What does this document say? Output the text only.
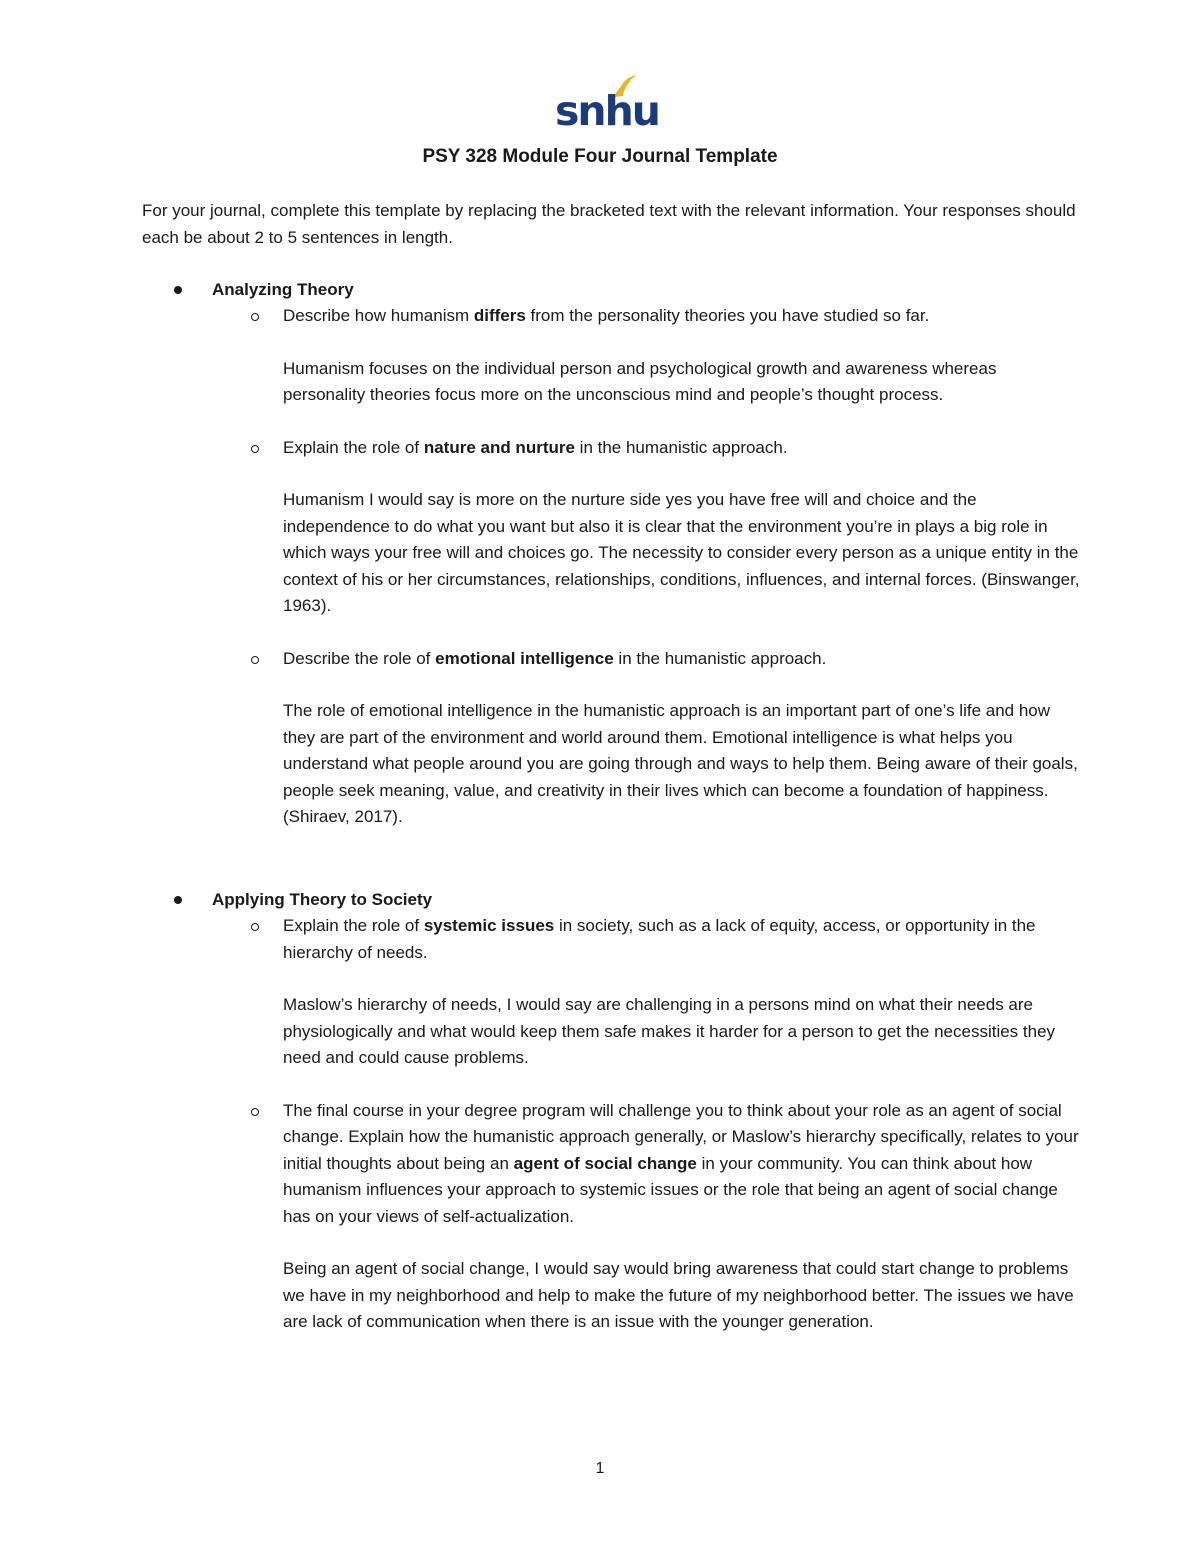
snhu
PSY 328 Module Four Journal Template

For your journal, complete this template by replacing the bracketed text with the relevant information. Your responses should each be about 2 to 5 sentences in length.

Analyzing Theory

Describe how humanism differs from the personality theories you have studied so far.

Humanism focuses on the individual person and psychological growth and awareness whereas personality theories focus more on the unconscious mind and people’s thought process.

Explain the role of nature and nurture in the humanistic approach.

Humanism I would say is more on the nurture side yes you have free will and choice and the independence to do what you want but also it is clear that the environment you’re in plays a big role in which ways your free will and choices go. The necessity to consider every person as a unique entity in the context of his or her circumstances, relationships, conditions, influences, and internal forces. (Binswanger, 1963).

Describe the role of emotional intelligence in the humanistic approach.

The role of emotional intelligence in the humanistic approach is an important part of one’s life and how they are part of the environment and world around them. Emotional intelligence is what helps you understand what people around you are going through and ways to help them. Being aware of their goals, people seek meaning, value, and creativity in their lives which can become a foundation of happiness. (Shiraev, 2017).

Applying Theory to Society

Explain the role of systemic issues in society, such as a lack of equity, access, or opportunity in the hierarchy of needs.

Maslow’s hierarchy of needs, I would say are challenging in a persons mind on what their needs are physiologically and what would keep them safe makes it harder for a person to get the necessities they need and could cause problems.

The final course in your degree program will challenge you to think about your role as an agent of social change. Explain how the humanistic approach generally, or Maslow’s hierarchy specifically, relates to your initial thoughts about being an agent of social change in your community. You can think about how humanism influences your approach to systemic issues or the role that being an agent of social change has on your views of self-actualization.

Being an agent of social change, I would say would bring awareness that could start change to problems we have in my neighborhood and help to make the future of my neighborhood better. The issues we have are lack of communication when there is an issue with the younger generation.

1
